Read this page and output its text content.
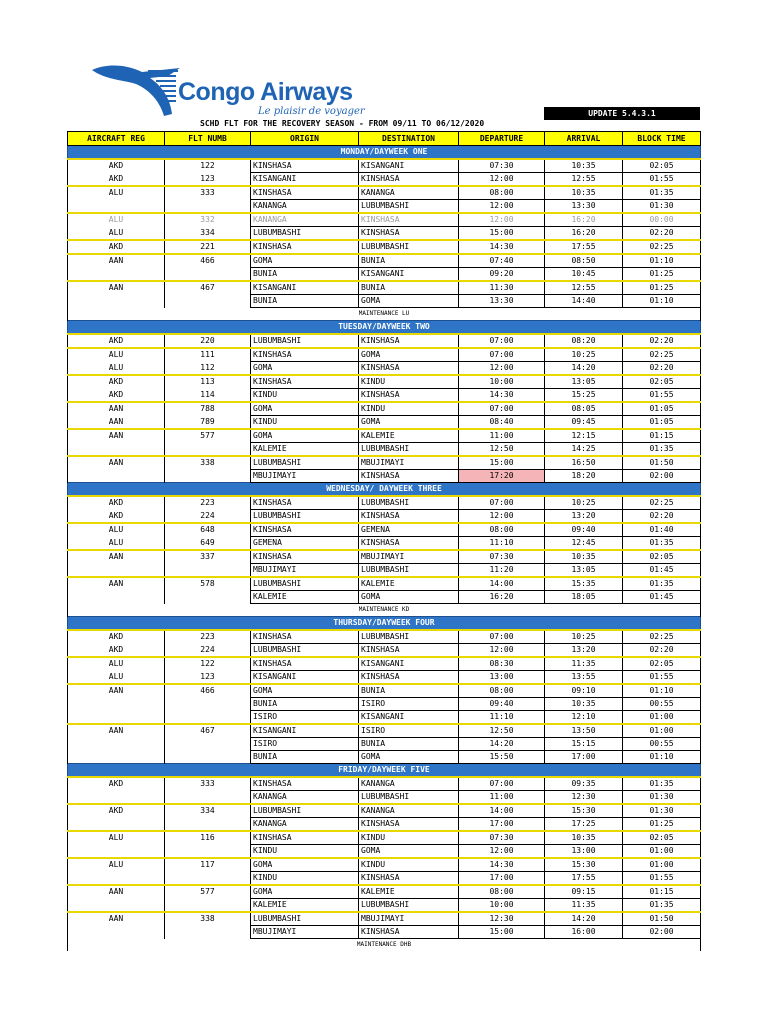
Congo Airways
Le plaisir de voyager	UPDATE 5.4.3.1
SCHD FLT FOR THE RECOVERY SEASON - FROM 09/11 TO 06/12/2020
AIRCRAFT REG	FLT NUMB	ORIGIN	DESTINATION	DEPARTURE	ARRIVAL	BLOCK TIME
MONDAY/DAYWEEK ONE						
AKD	122	KINSHASA	KISANGANI	07:30	10:35	02:05
AKD	123	KISANGANI	KINSHASA	12:00	12:55	01:55
ALU	333	KINSHASA	KANANGA	08:00	10:35	01:35
		KANANGA	LUBUMBASHI	12:00	13:30	01:30
ALU	332	KANANGA	KINSHASA	12:00	16:20	00:00
ALU	334	LUBUMBASHI	KINSHASA	15:00	16:20	02:20
AKD	221	KINSHASA	LUBUMBASHI	14:30	17:55	02:25
AAN	466	GOMA	BUNIA	07:40	08:50	01:10
		BUNIA	KISANGANI	09:20	10:45	01:25
AAN	467	KISANGANI	BUNIA	11:30	12:55	01:25
		BUNIA	GOMA	13:30	14:40	01:10
MAINTENANCE LU						
TUESDAY/DAYWEEK TWO						
AKD	220	LUBUMBASHI	KINSHASA	07:00	08:20	02:20
ALU	111	KINSHASA	GOMA	07:00	10:25	02:25
ALU	112	GOMA	KINSHASA	12:00	14:20	02:20
AKD	113	KINSHASA	KINDU	10:00	13:05	02:05
AKD	114	KINDU	KINSHASA	14:30	15:25	01:55
AAN	788	GOMA	KINDU	07:00	08:05	01:05
AAN	789	KINDU	GOMA	08:40	09:45	01:05
AAN	577	GOMA	KALEMIE	11:00	12:15	01:15
		KALEMIE	LUBUMBASHI	12:50	14:25	01:35
AAN	338	LUBUMBASHI	MBUJIMAYI	15:00	16:50	01:50
		MBUJIMAYI	KINSHASA	17:20	18:20	02:00
WEDNESDAY/ DAYWEEK THREE						
AKD	223	KINSHASA	LUBUMBASHI	07:00	10:25	02:25
AKD	224	LUBUMBASHI	KINSHASA	12:00	13:20	02:20
ALU	648	KINSHASA	GEMENA	08:00	09:40	01:40
ALU	649	GEMENA	KINSHASA	11:10	12:45	01:35
AAN	337	KINSHASA	MBUJIMAYI	07:30	10:35	02:05
		MBUJIMAYI	LUBUMBASHI	11:20	13:05	01:45
AAN	578	LUBUMBASHI	KALEMIE	14:00	15:35	01:35
		KALEMIE	GOMA	16:20	18:05	01:45
MAINTENANCE KD						
THURSDAY/DAYWEEK FOUR						
AKD	223	KINSHASA	LUBUMBASHI	07:00	10:25	02:25
AKD	224	LUBUMBASHI	KINSHASA	12:00	13:20	02:20
ALU	122	KINSHASA	KISANGANI	08:30	11:35	02:05
ALU	123	KISANGANI	KINSHASA	13:00	13:55	01:55
AAN	466	GOMA	BUNIA	08:00	09:10	01:10
		BUNIA	ISIRO	09:40	10:35	00:55
		ISIRO	KISANGANI	11:10	12:10	01:00
AAN	467	KISANGANI	ISIRO	12:50	13:50	01:00
		ISIRO	BUNIA	14:20	15:15	00:55
		BUNIA	GOMA	15:50	17:00	01:10
FRIDAY/DAYWEEK FIVE						
AKD	333	KINSHASA	KANANGA	07:00	09:35	01:35
		KANANGA	LUBUMBASHI	11:00	12:30	01:30
AKD	334	LUBUMBASHI	KANANGA	14:00	15:30	01:30
		KANANGA	KINSHASA	17:00	17:25	01:25
ALU	116	KINSHASA	KINDU	07:30	10:35	02:05
		KINDU	GOMA	12:00	13:00	01:00
ALU	117	GOMA	KINDU	14:30	15:30	01:00
		KINDU	KINSHASA	17:00	17:55	01:55
AAN	577	GOMA	KALEMIE	08:00	09:15	01:15
		KALEMIE	LUBUMBASHI	10:00	11:35	01:35
AAN	338	LUBUMBASHI	MBUJIMAYI	12:30	14:20	01:50
		MBUJIMAYI	KINSHASA	15:00	16:00	02:00
MAINTENANCE DHB						
